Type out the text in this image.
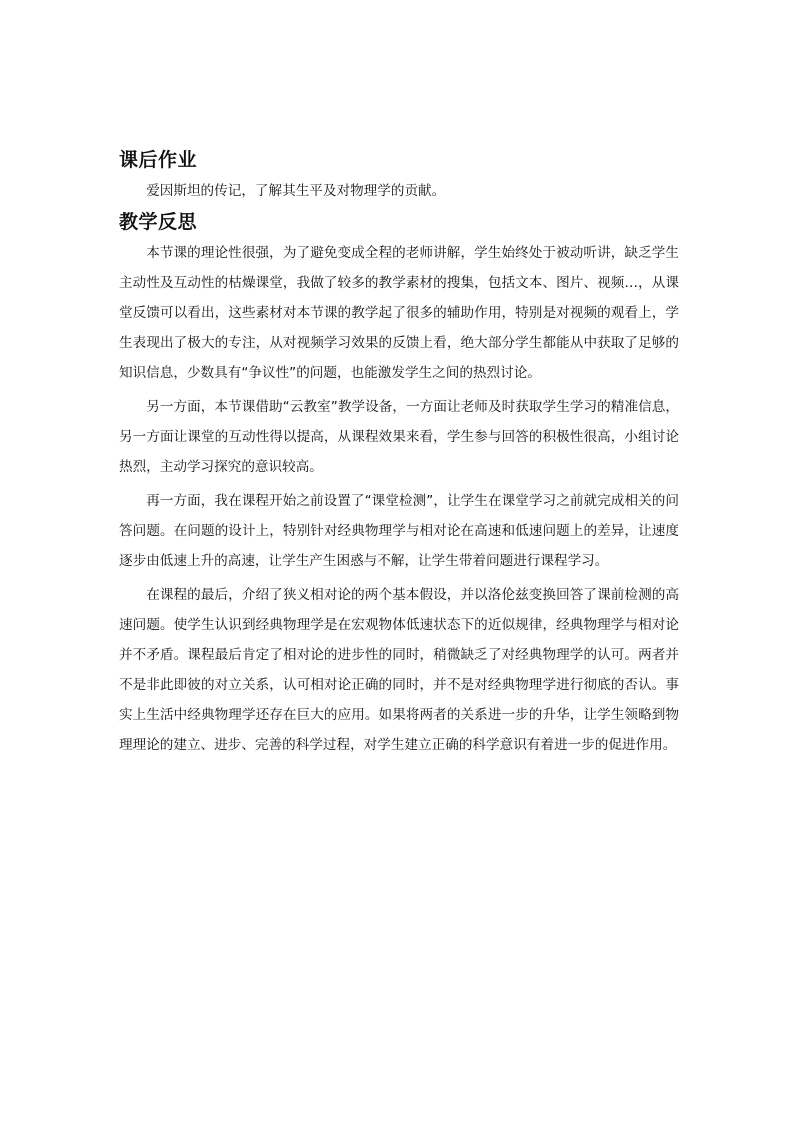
课后作业

爱因斯坦的传记，了解其生平及对物理学的贡献。

教学反思

本节课的理论性很强，为了避免变成全程的老师讲解，学生始终处于被动听讲，缺乏学生主动性及互动性的枯燥课堂，我做了较多的教学素材的搜集，包括文本、图片、视频…，从课堂反馈可以看出，这些素材对本节课的教学起了很多的辅助作用，特别是对视频的观看上，学生表现出了极大的专注，从对视频学习效果的反馈上看，绝大部分学生都能从中获取了足够的知识信息，少数具有“争议性”的问题，也能激发学生之间的热烈讨论。

另一方面，本节课借助“云教室”教学设备，一方面让老师及时获取学生学习的精准信息，另一方面让课堂的互动性得以提高，从课程效果来看，学生参与回答的积极性很高，小组讨论热烈，主动学习探究的意识较高。

再一方面，我在课程开始之前设置了“课堂检测”，让学生在课堂学习之前就完成相关的问答问题。在问题的设计上，特别针对经典物理学与相对论在高速和低速问题上的差异，让速度逐步由低速上升的高速，让学生产生困惑与不解，让学生带着问题进行课程学习。

在课程的最后，介绍了狭义相对论的两个基本假设，并以洛伦兹变换回答了课前检测的高速问题。使学生认识到经典物理学是在宏观物体低速状态下的近似规律，经典物理学与相对论并不矛盾。课程最后肯定了相对论的进步性的同时，稍微缺乏了对经典物理学的认可。两者并不是非此即彼的对立关系，认可相对论正确的同时，并不是对经典物理学进行彻底的否认。事实上生活中经典物理学还存在巨大的应用。如果将两者的关系进一步的升华，让学生领略到物理理论的建立、进步、完善的科学过程，对学生建立正确的科学意识有着进一步的促进作用。
